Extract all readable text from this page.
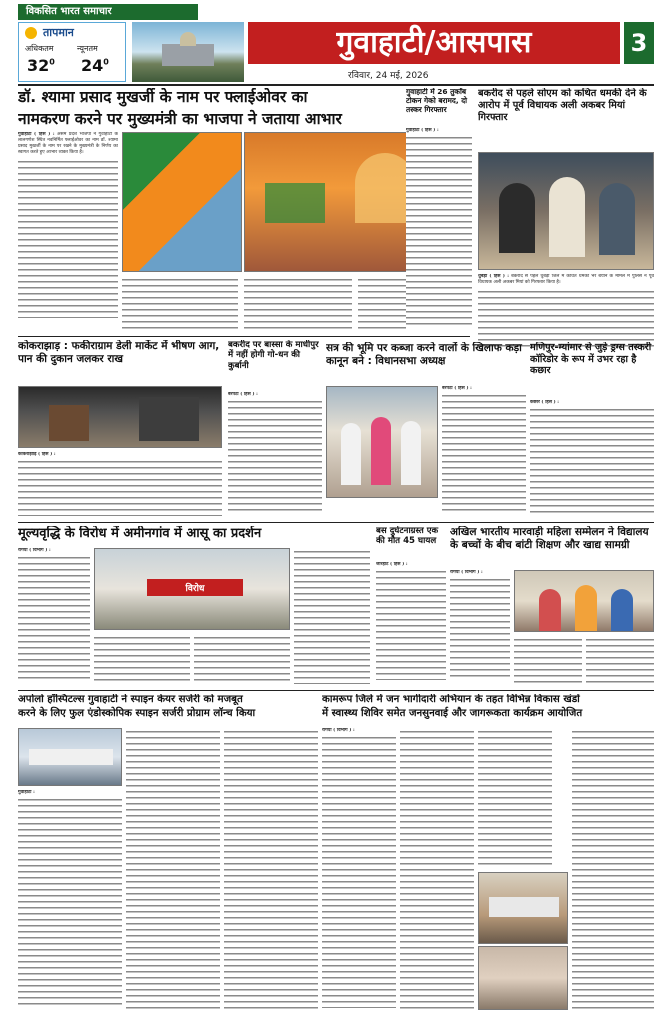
विकसित भारत समाचार
तापमान
अधिकतम	न्यूनतम
$32^0$ $24^0$
गुवाहाटी/आसपास	3
रविवार, 24 मई, 2026
डॉ. श्यामा प्रसाद मुखर्जी के नाम पर फ्लाईओवर का
नामकरण करने पर मुख्यमंत्री का भाजपा ने जताया आभार
गुवाहाटी ( हिंस ) : असम प्रदेश भाजपा ने गुवाहाटी के लालगणेश स्थित नवनिर्मित फ्लाईओवर का नाम डॉ. श्यामा प्रसाद मुखर्जी के नाम पर रखने के मुख्यमंत्री के निर्णय का स्वागत करते हुए आभार व्यक्त किया है।
बकरीद से पहले सोएम को कथित धमकी देने के आरोप में पूर्व विधायक अली अकबर मियां गिरफ्तार
धुबड़ी ( हिंस ) : बकरीद से पहले धुबड़ी जिले में कथित धमकी भरे बयान के मामले में पुलिस ने पूर्व विधायक अली अकबर मियां को गिरफ्तार किया है।
कोकराझाड़ : फकीराग्राम डेली मार्केट में भीषण आग, पान की दुकान जलकर राख
कोकराझाड़ ( हिंस ) :
बकरीद पर बास्सा के माधीपुर में नहीं होगी गो-धन की कुर्बानी
बरपेटा ( हिंस ) :
सत्र की भूमि पर कब्जा करने वालों के खिलाफ कड़ा कानून बने : विधानसभा अध्यक्ष
बरपेटा ( हिंस ) :
मणिपुर-म्यांमार से जुड़े ड्रग्स तस्करी कॉरिडोर के रूप में उभर रहा है कछार
कछार ( हिंस ) :
मूल्यवृद्धि के विरोध में अमीनगांव में आसू का प्रदर्शन
रंगिया ( विभाग ) :
विरोध
बस दुर्घटनाग्रस्त एक की मौत 45 घायल
जोरहाट ( हिंस ) :
अखिल भारतीय मारवाड़ी महिला सम्मेलन ने विद्यालय के बच्चों के बीच बांटी शिक्षण और खाद्य सामग्री
रंगिया ( विभाग ) :
अपोलो हॉस्पिटल्स गुवाहाटी ने स्पाइन केयर सर्जरी को मजबूत
करने के लिए फुल एंडोस्कोपिक स्पाइन सर्जरी प्रोग्राम लॉन्च किया
गुवाहाटी :
कामरूप जिले में जन भागीदारी अभियान के तहत विभिन्न विकास खंडों
में स्वास्थ्य शिविर समेत जनसुनवाई और जागरूकता कार्यक्रम आयोजित
रंगिया ( विभाग ) :
गुवाहाटी में 26 तुर्कोंब टोकन गेको बरामद, दो तस्कर गिरफ्तार
गुवाहाटी ( हिंस ) :
